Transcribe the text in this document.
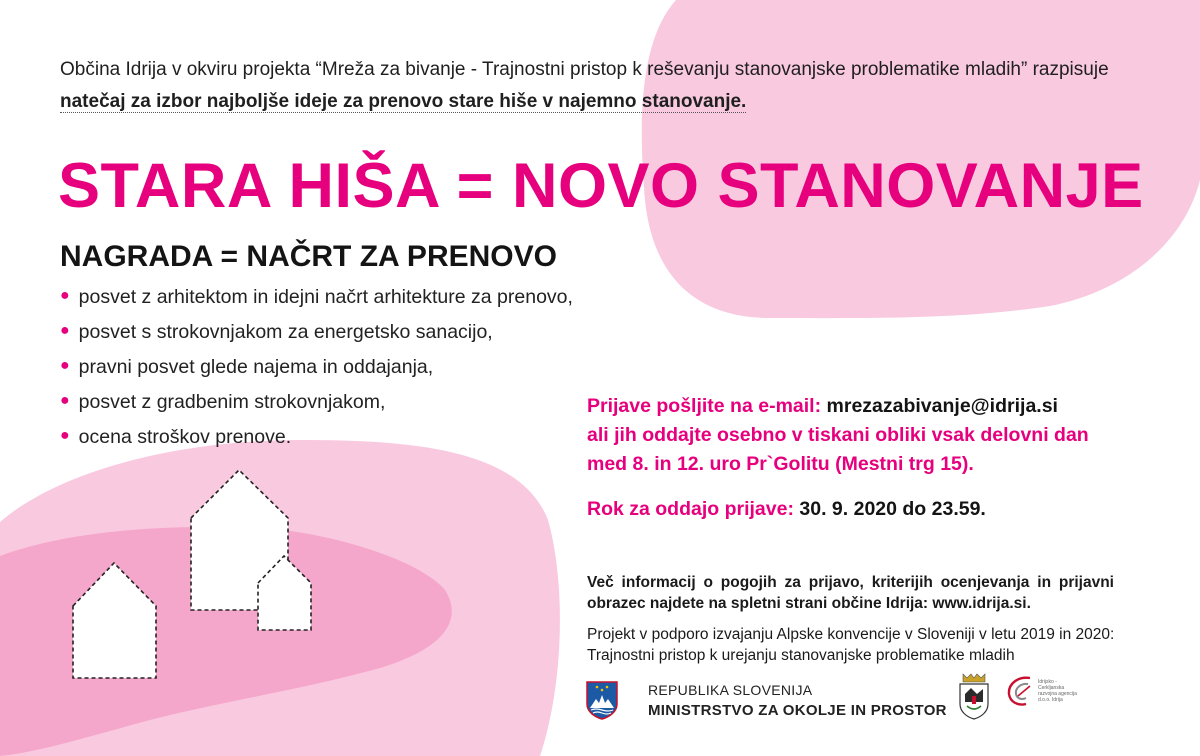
Občina Idrija v okviru projekta “Mreža za bivanje - Trajnostni pristop k reševanju stanovanjske problematike mladih” razpisuje natečaj za izbor najboljše ideje za prenovo stare hiše v najemno stanovanje.
STARA HIŠA = NOVO STANOVANJE
NAGRADA = NAČRT ZA PRENOVO
● posvet z arhitektom in idejni načrt arhitekture za prenovo,
● posvet s strokovnjakom za energetsko sanacijo,
● pravni posvet glede najema in oddajanja,
● posvet z gradbenim strokovnjakom,
● ocena stroškov prenove.
Prijave pošljite na e-mail: mrezazabivanje@idrija.si
ali jih oddajte osebno v tiskani obliki vsak delovni dan
med 8. in 12. uro Pr`Golitu (Mestni trg 15).
Rok za oddajo prijave: 30. 9. 2020 do 23.59.
Več informacij o pogojih za prijavo, kriterijih ocenjevanja in prijavni obrazec najdete na spletni strani občine Idrija: www.idrija.si.
Projekt v podporo izvajanju Alpske konvencije v Sloveniji v letu 2019 in 2020: Trajnostni pristop k urejanju stanovanjske problematike mladih
REPUBLIKA SLOVENIJA
MINISTRSTVO ZA OKOLJE IN PROSTOR
Idrijsko - Cerkljanska razvojna agencija d.o.o. Idrija
